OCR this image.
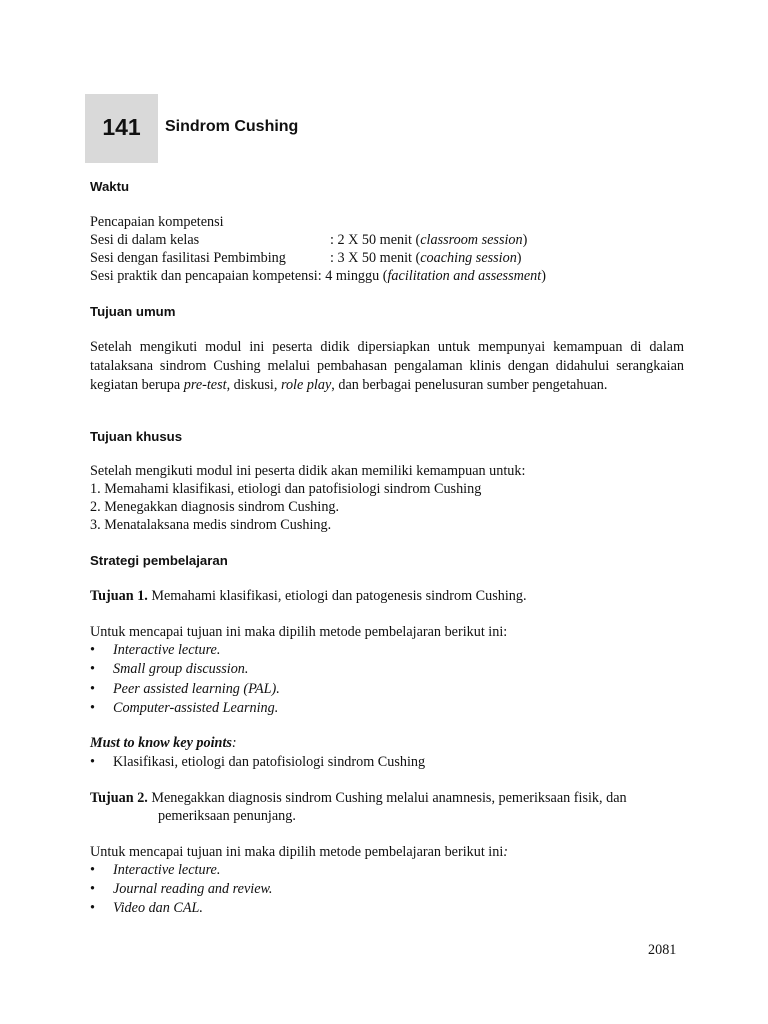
141	Sindrom Cushing
Waktu
Pencapaian kompetensi
Sesi di dalam kelas	: 2 X 50 menit (classroom session)
Sesi dengan fasilitasi Pembimbing	: 3 X 50 menit (coaching session)
Sesi praktik dan pencapaian kompetensi: 4 minggu (facilitation and assessment)
Tujuan umum
Setelah mengikuti modul ini peserta didik dipersiapkan untuk mempunyai kemampuan di dalam tatalaksana sindrom Cushing melalui pembahasan pengalaman klinis dengan didahului serangkaian kegiatan berupa pre-test, diskusi, role play, dan berbagai penelusuran sumber pengetahuan.
Tujuan khusus
Setelah mengikuti modul ini peserta didik akan memiliki kemampuan untuk:
1. Memahami klasifikasi, etiologi dan patofisiologi sindrom Cushing
2. Menegakkan diagnosis sindrom Cushing.
3. Menatalaksana medis sindrom Cushing.
Strategi pembelajaran
Tujuan 1. Memahami klasifikasi, etiologi dan patogenesis sindrom Cushing.
Untuk mencapai tujuan ini maka dipilih metode pembelajaran berikut ini:
• Interactive lecture.
• Small group discussion.
• Peer assisted learning (PAL).
• Computer-assisted Learning.
Must to know key points:
• Klasifikasi, etiologi dan patofisiologi sindrom Cushing
Tujuan 2. Menegakkan diagnosis sindrom Cushing melalui anamnesis, pemeriksaan fisik, dan
pemeriksaan penunjang.
Untuk mencapai tujuan ini maka dipilih metode pembelajaran berikut ini:
• Interactive lecture.
• Journal reading and review.
• Video dan CAL.
2081
